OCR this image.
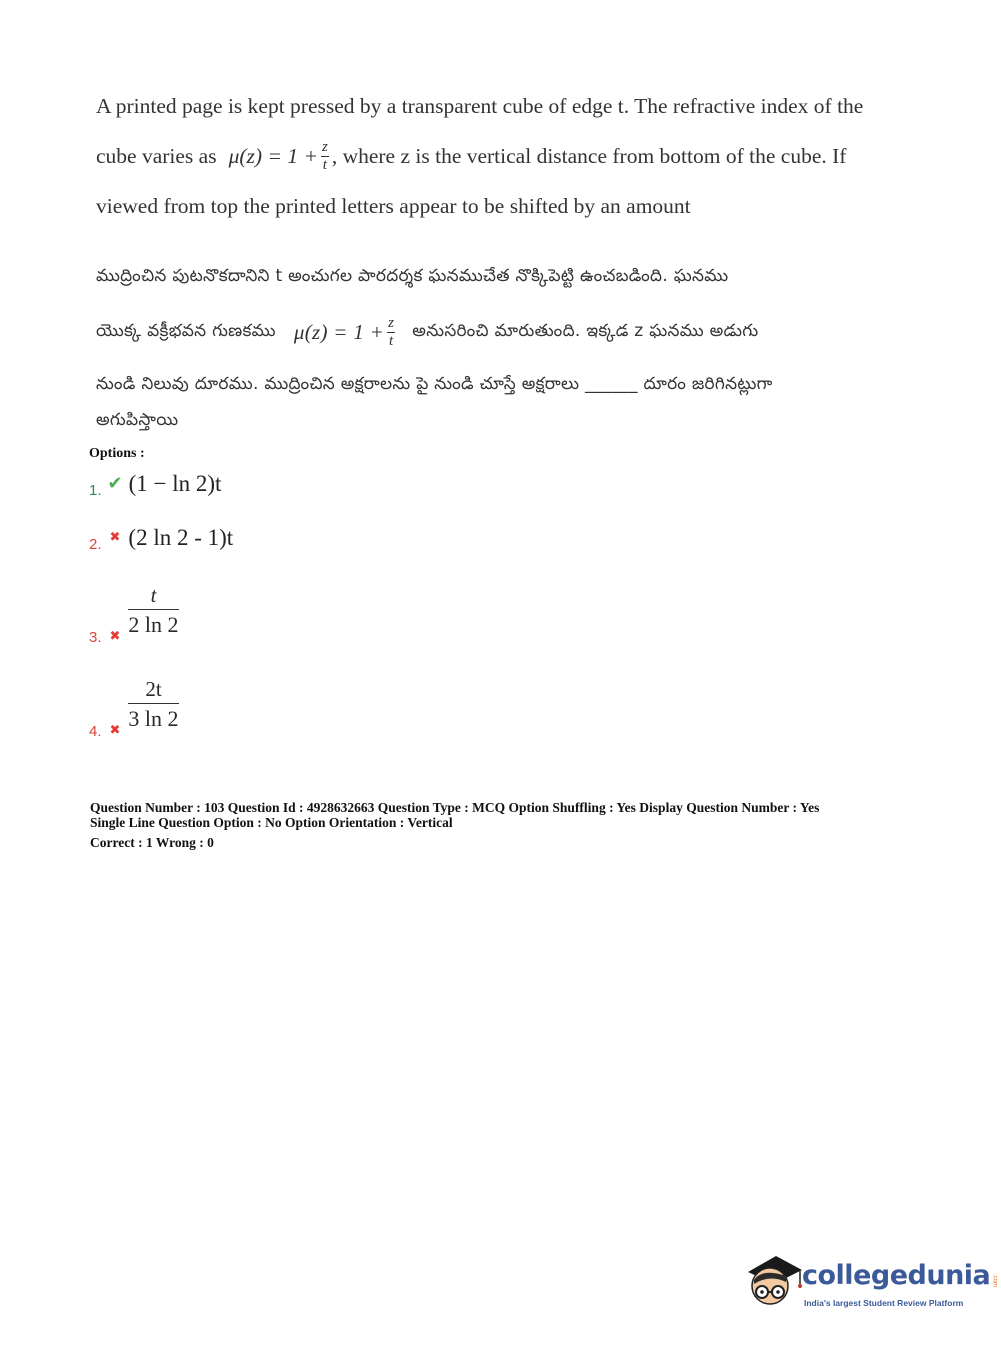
A printed page is kept pressed by a transparent cube of edge t. The refractive index of the
cube varies as $\mu(z) = 1 + \frac{z}{t}$ , where z is the vertical distance from bottom of the cube. If
viewed from top the printed letters appear to be shifted by an amount
ముద్రించిన పుటనొకదానిని t అంచుగల పారదర్శక ఘనముచేత నొక్కిపెట్టి ఉంచబడింది. ఘనము
యొక్క వక్రీభవన గుణకము $\mu(z) = 1 + \frac{z}{t}$ అనుసరించి మారుతుంది. ఇక్కడ z ఘనము అడుగు
నుండి నిలువు దూరము. ముద్రించిన అక్షరాలను పై నుండి చూస్తే అక్షరాలు ______ దూరం జరిగినట్లుగా
అగుపిస్తాయి
Options :
1. ✔ (1 − ln 2)t
2. ✖ (2 ln 2 - 1)t
3. ✖
$\frac{t}{2 \ln 2}$
4. ✖
$\frac{2t}{3 \ln 2}$
Question Number : 103 Question Id : 4928632663 Question Type : MCQ Option Shuffling : Yes Display Question Number : Yes
Single Line Question Option : No Option Orientation : Vertical
Correct : 1 Wrong : 0
collegedunia .com
India's largest Student Review Platform
